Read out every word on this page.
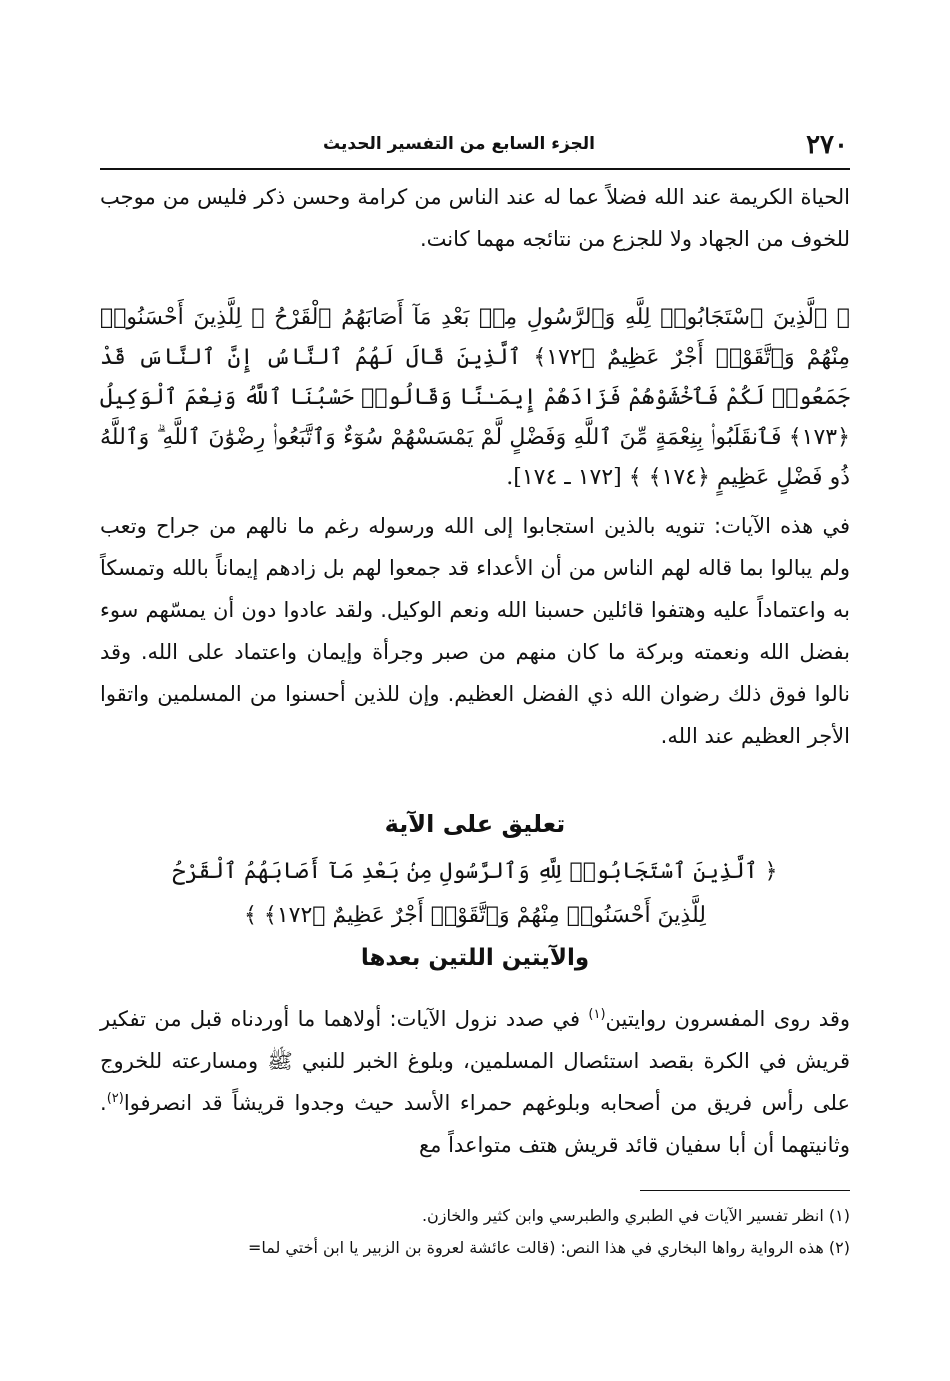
٢٧٠
الجزء السابع من التفسير الحديث
الحياة الكريمة عند الله فضلاً عما له عند الناس من كرامة وحسن ذكر فليس من موجب للخوف من الجهاد ولا للجزع من نتائجه مهما كانت.
﴿ ٱلَّذِينَ ٱسْتَجَابُوا۟ لِلَّهِ وَٱلرَّسُولِ مِنۢ بَعْدِ مَآ أَصَابَهُمُ ٱلْقَرْحُ ۚ لِلَّذِينَ أَحْسَنُوا۟ مِنْهُمْ وَٱتَّقَوْا۟ أَجْرٌ عَظِيمٌ ﴿١٧٢﴾ ٱلَّذِينَ قَالَ لَهُمُ ٱلنَّاسُ إِنَّ ٱلنَّاسَ قَدْ جَمَعُوا۟ لَكُمْ فَٱخْشَوْهُمْ فَزَادَهُمْ إِيمَـٰنًا وَقَالُوا۟ حَسْبُنَا ٱللَّهُ وَنِعْمَ ٱلْوَكِيلُ ﴿١٧٣﴾ فَٱنقَلَبُوا۟ بِنِعْمَةٍ مِّنَ ٱللَّهِ وَفَضْلٍ لَّمْ يَمْسَسْهُمْ سُوٓءٌ وَٱتَّبَعُوا۟ رِضْوَٰنَ ٱللَّهِ ۗ وَٱللَّهُ ذُو فَضْلٍ عَظِيمٍ ﴿١٧٤﴾ ﴾ [١٧٢ ـ ١٧٤].
في هذه الآيات: تنويه بالذين استجابوا إلى الله ورسوله رغم ما نالهم من جراح وتعب ولم يبالوا بما قاله لهم الناس من أن الأعداء قد جمعوا لهم بل زادهم إيماناً بالله وتمسكاً به واعتماداً عليه وهتفوا قائلين حسبنا الله ونعم الوكيل. ولقد عادوا دون أن يمسّهم سوء بفضل الله ونعمته وبركة ما كان منهم من صبر وجرأة وإيمان واعتماد على الله. وقد نالوا فوق ذلك رضوان الله ذي الفضل العظيم. وإن للذين أحسنوا من المسلمين واتقوا الأجر العظيم عند الله.
تعليق على الآية
﴿ ٱلَّذِينَ ٱسْتَجَابُوا۟ لِلَّهِ وَٱلرَّسُولِ مِنۢ بَعْدِ مَآ أَصَابَهُمُ ٱلْقَرْحُ
لِلَّذِينَ أَحْسَنُوا۟ مِنْهُمْ وَٱتَّقَوْا۟ أَجْرٌ عَظِيمٌ ﴿١٧٢﴾ ﴾
والآيتين اللتين بعدها
وقد روى المفسرون روايتين$^{(١)}$ في صدد نزول الآيات: أولاهما ما أوردناه قبل من تفكير قريش في الكرة بقصد استئصال المسلمين، وبلوغ الخبر للنبي ﷺ ومسارعته للخروج على رأس فريق من أصحابه وبلوغهم حمراء الأسد حيث وجدوا قريشاً قد انصرفوا$^{(٢)}$. وثانيتهما أن أبا سفيان قائد قريش هتف متواعداً مع
(١) انظر تفسير الآيات في الطبري والطبرسي وابن كثير والخازن.
(٢) هذه الرواية رواها البخاري في هذا النص: (قالت عائشة لعروة بن الزبير يا ابن أختي لما=
